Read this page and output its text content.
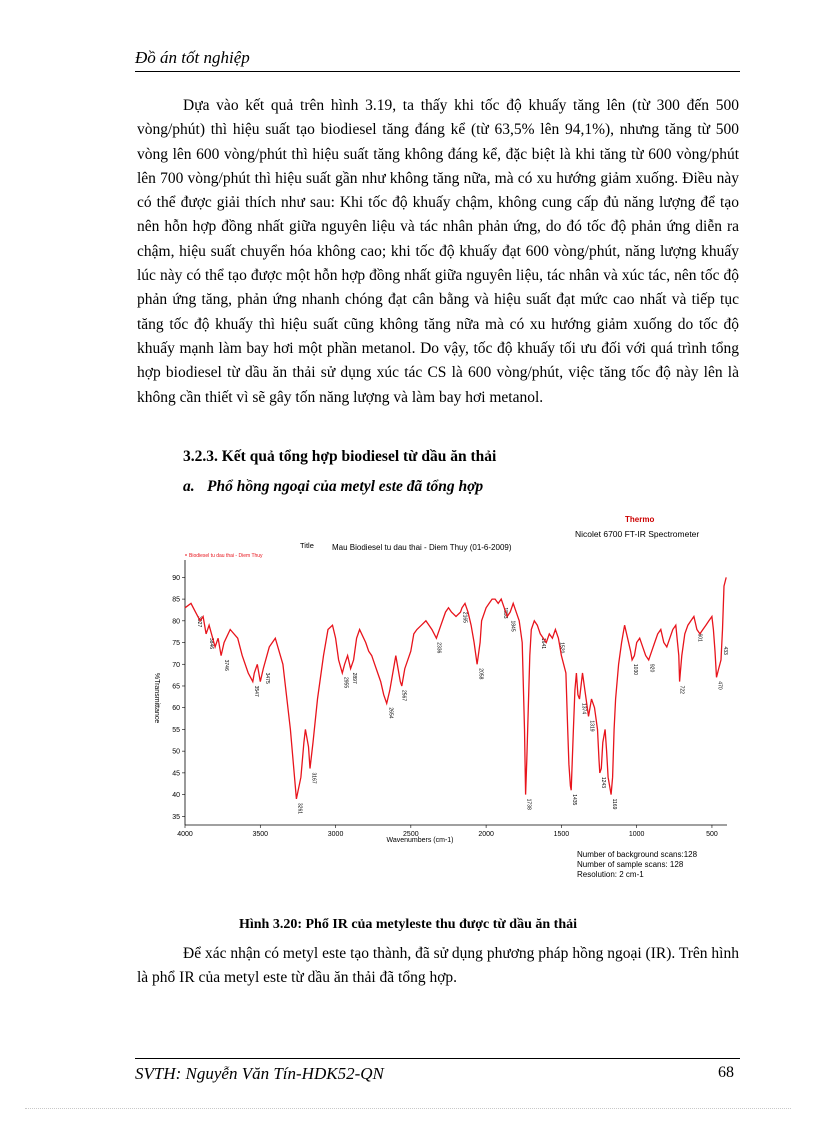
Đồ án tốt nghiệp
Dựa vào kết quả trên hình 3.19, ta thấy khi tốc độ khuấy tăng lên (từ 300 đến 500 vòng/phút) thì hiệu suất tạo biodiesel tăng đáng kể (từ 63,5% lên 94,1%), nhưng tăng từ 500 vòng lên 600 vòng/phút thì hiệu suất tăng không đáng kể, đặc biệt là khi tăng từ 600 vòng/phút lên 700 vòng/phút thì hiệu suất gần như không tăng nữa, mà có xu hướng giảm xuống. Điều này có thể được giải thích như sau: Khi tốc độ khuấy chậm, không cung cấp đủ năng lượng để tạo nên hỗn hợp đồng nhất giữa nguyên liệu và tác nhân phản ứng, do đó tốc độ phản ứng diễn ra chậm, hiệu suất chuyển hóa không cao; khi tốc độ khuấy đạt 600 vòng/phút, năng lượng khuấy lúc này có thể tạo được một hỗn hợp đồng nhất giữa nguyên liệu, tác nhân và xúc tác, nên tốc độ phản ứng tăng, phản ứng nhanh chóng đạt cân bằng và hiệu suất đạt mức cao nhất và tiếp tục tăng tốc độ khuấy thì hiệu suất cũng không tăng nữa mà có xu hướng giảm xuống do tốc độ khuấy mạnh làm bay hơi một phần metanol. Do vậy, tốc độ khuấy tối ưu đối với quá trình tổng hợp biodiesel từ dầu ăn thải sử dụng xúc tác CS là 600 vòng/phút, việc tăng tốc độ này lên là không cần thiết vì sẽ gây tốn năng lượng và làm bay hơi metanol.
3.2.3. Kết quả tổng hợp biodiesel từ dầu ăn thải
a. Phổ hồng ngoại của metyl este đã tổng hợp
Thermo
Nicolet 6700 FT-IR Spectrometer
Title Mau Biodiesel tu dau thai - Diem Thuy (01-6-2009)
Biodiesel tu dau thai - Diem Thuy
35
40
45
50
55
60
65
70
75
80
85
90
4000	3500	3000	2500	2000	1500	1000	500
3927
3846
3746
3547
3475
3261
3167
2955 2897
2654
2567
2336
2165
2058
1893
1845
1738
1641 1520
1435
1374
1319
1243
1169
1030 920
722
601
470
433
Wavenumbers (cm-1)
%Transmittance
Number of background scans:128
Number of sample scans: 128
Resolution: 2 cm-1
Hình 3.20: Phổ IR của metyleste thu được từ dầu ăn thải
Để xác nhận có metyl este tạo thành, đã sử dụng phương pháp hồng ngoại (IR). Trên hình là phổ IR của metyl este từ dầu ăn thải đã tổng hợp.
SVTH: Nguyễn Văn Tín-HDK52-QN	68
